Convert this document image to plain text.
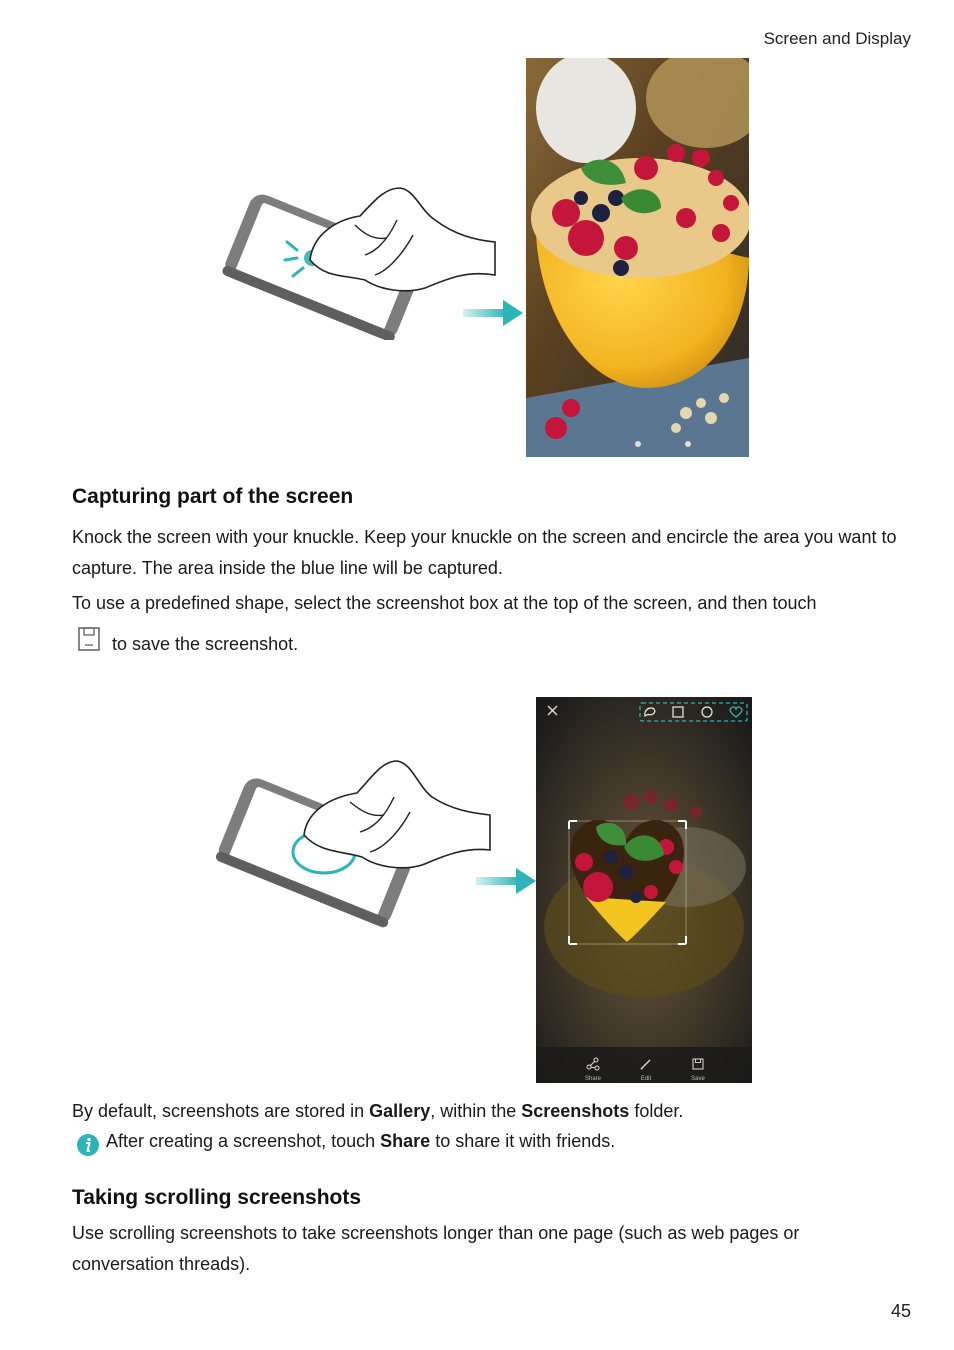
Screen and Display
Capturing part of the screen

Knock the screen with your knuckle. Keep your knuckle on the screen and encircle the area you want to capture. The area inside the blue line will be captured.

To use a predefined shape, select the screenshot box at the top of the screen, and then touch

to save the screenshot.

Share	Edit	Save

By default, screenshots are stored in Gallery, within the Screenshots folder.

After creating a screenshot, touch Share to share it with friends.

Taking scrolling screenshots

Use scrolling screenshots to take screenshots longer than one page (such as web pages or conversation threads).

45
